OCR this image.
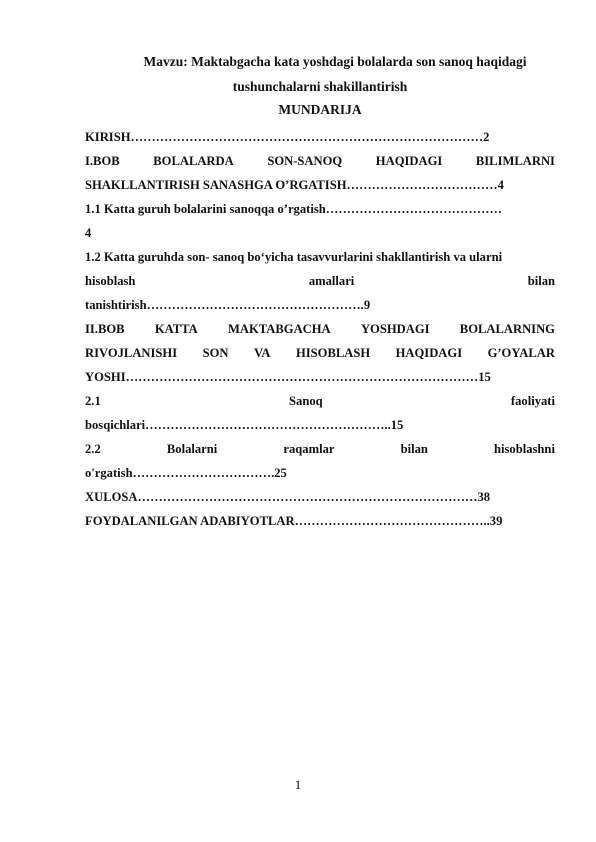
Mavzu: Maktabgacha kata yoshdagi bolalarda son sanoq haqidagi
tushunchalarni shakillantirish
MUNDARIJA
KIRISH…………………………………………………………………………2
I.BOB	BOLALARDA	SON-SANOQ	HAQIDAGI	BILIMLARNI
SHAKLLANTIRISH SANASHGA O’RGATISH………………………………4
1.1 Katta guruh bolalarini sanoqqa o’rgatish……………………………………
4
1.2 Katta guruhda son- sanoq bo‘yicha tasavvurlarini shakllantirish va ularni
hisoblash	amallari	bilan
tanishtirish…………………………………………….9
II.BOB KATTA MAKTABGACHA YOSHDAGI BOLALARNING
RIVOJLANISHI SON VA HISOBLASH HAQIDAGI G’OYALAR
YOSHI…………………………………………………………………………15
2.1	Sanoq	faoliyati
bosqichlari…………………………………………………..15
2.2	Bolalarni	raqamlar	bilan	hisoblashni
o'rgatish…………………………….25
XULOSA………………………………………………………………………38
FOYDALANILGAN ADABIYOTLAR………………………………………..39
1
